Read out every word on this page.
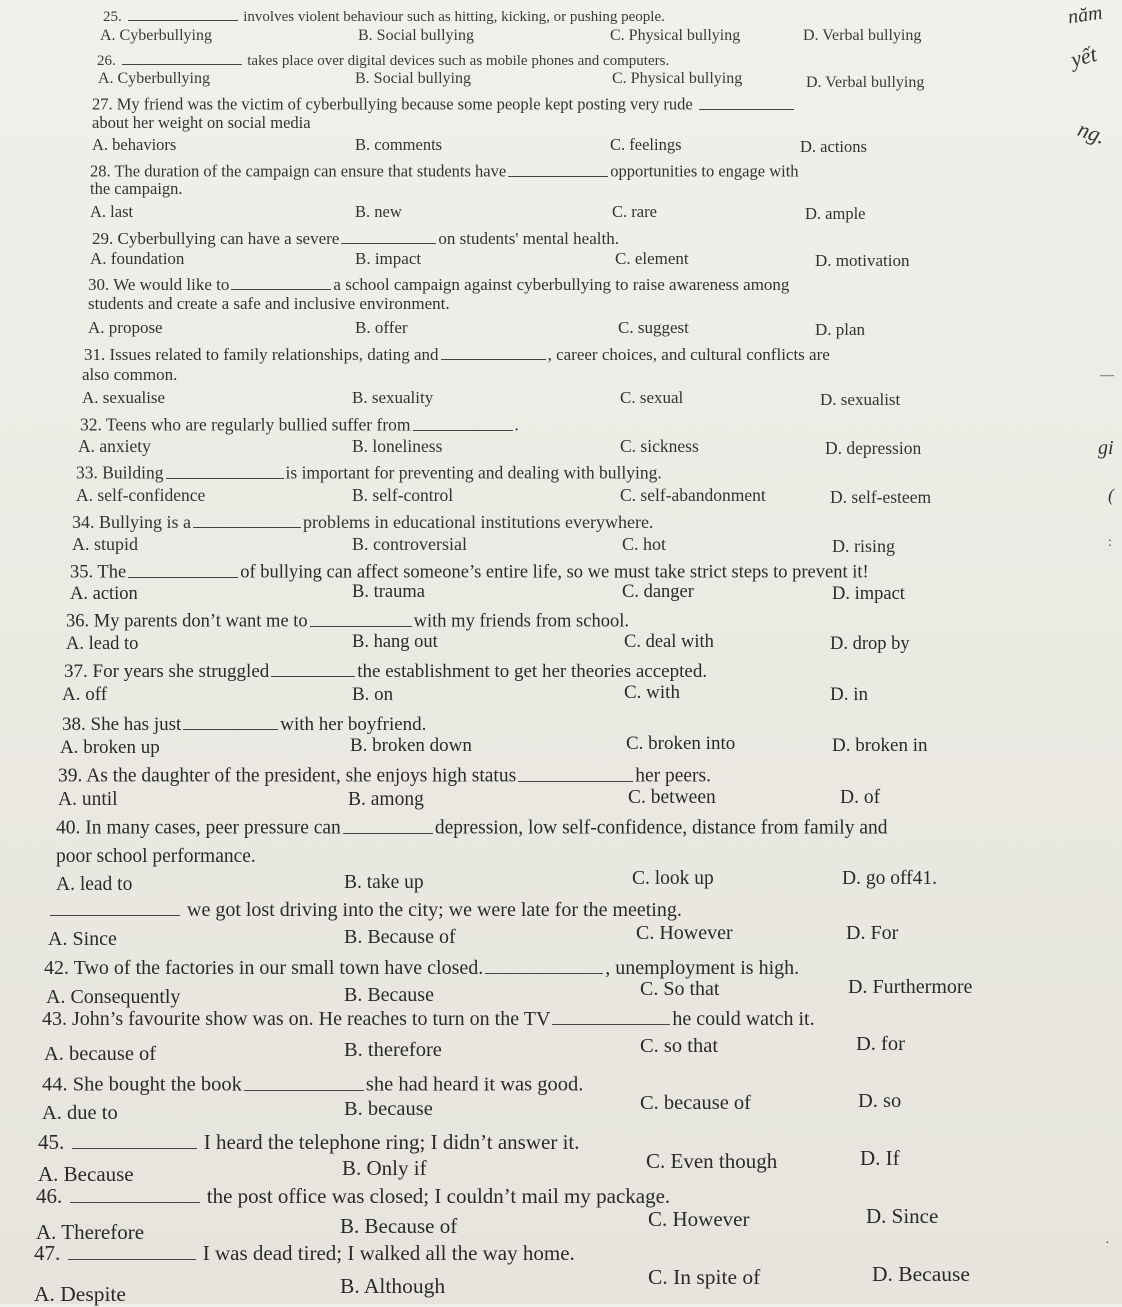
25.	involves violent behaviour such as hitting, kicking, or pushing people.
A. Cyberbullying	B. Social bullying	C. Physical bullying	D. Verbal bullying
26.	takes place over digital devices such as mobile phones and computers.
A. Cyberbullying	B. Social bullying	C. Physical bullying	D. Verbal bullying
27. My friend was the victim of cyberbullying because some people kept posting very rude
about her weight on social media
A. behaviors	B. comments	C. feelings	D. actions
28. The duration of the campaign can ensure that students have	opportunities to engage with
the campaign.
A. last	B. new	C. rare	D. ample
29. Cyberbullying can have a severe	on students' mental health.
A. foundation	B. impact	C. element	D. motivation
30. We would like to	a school campaign against cyberbullying to raise awareness among
students and create a safe and inclusive environment.
A. propose	B. offer	C. suggest	D. plan
31. Issues related to family relationships, dating and	, career choices, and cultural conflicts are
also common.
A. sexualise	B. sexuality	C. sexual	D. sexualist
32. Teens who are regularly bullied suffer from	.
A. anxiety	B. loneliness	C. sickness	D. depression
33. Building	is important for preventing and dealing with bullying.
A. self-confidence	B. self-control	C. self-abandonment	D. self-esteem
34. Bullying is a	problems in educational institutions everywhere.
A. stupid	B. controversial	C. hot	D. rising
35. The	of bullying can affect someone’s entire life, so we must take strict steps to prevent it!
A. action	B. trauma	C. danger	D. impact
36. My parents don’t want me to	with my friends from school.
A. lead to	B. hang out	C. deal with	D. drop by
37. For years she struggled	the establishment to get her theories accepted.
A. off	B. on	C. with	D. in
38. She has just	with her boyfriend.
A. broken up	B. broken down	C. broken into	D. broken in
39. As the daughter of the president, she enjoys high status	her peers.
A. until	B. among	C. between	D. of
40. In many cases, peer pressure can	depression, low self-confidence, distance from family and
poor school performance.
A. lead to	B. take up	C. look up	D. go off41.
we got lost driving into the city; we were late for the meeting.
A. Since	B. Because of	C. However	D. For
42. Two of the factories in our small town have closed.	, unemployment is high.
A. Consequently	B. Because	C. So that	D. Furthermore
43. John’s favourite show was on. He reaches to turn on the TV	he could watch it.
A. because of	B. therefore	C. so that	D. for
44. She bought the book	she had heard it was good.
A. due to	B. because	C. because of	D. so
45.	I heard the telephone ring; I didn’t answer it.
A. Because	B. Only if	C. Even though	D. If
46.	the post office was closed; I couldn’t mail my package.
A. Therefore	B. Because of	C. However	D. Since
47.	I was dead tired; I walked all the way home.
A. Despite	B. Although	C. In spite of	D. Because
năm
yết
ng.
gi
(
—
:
·
